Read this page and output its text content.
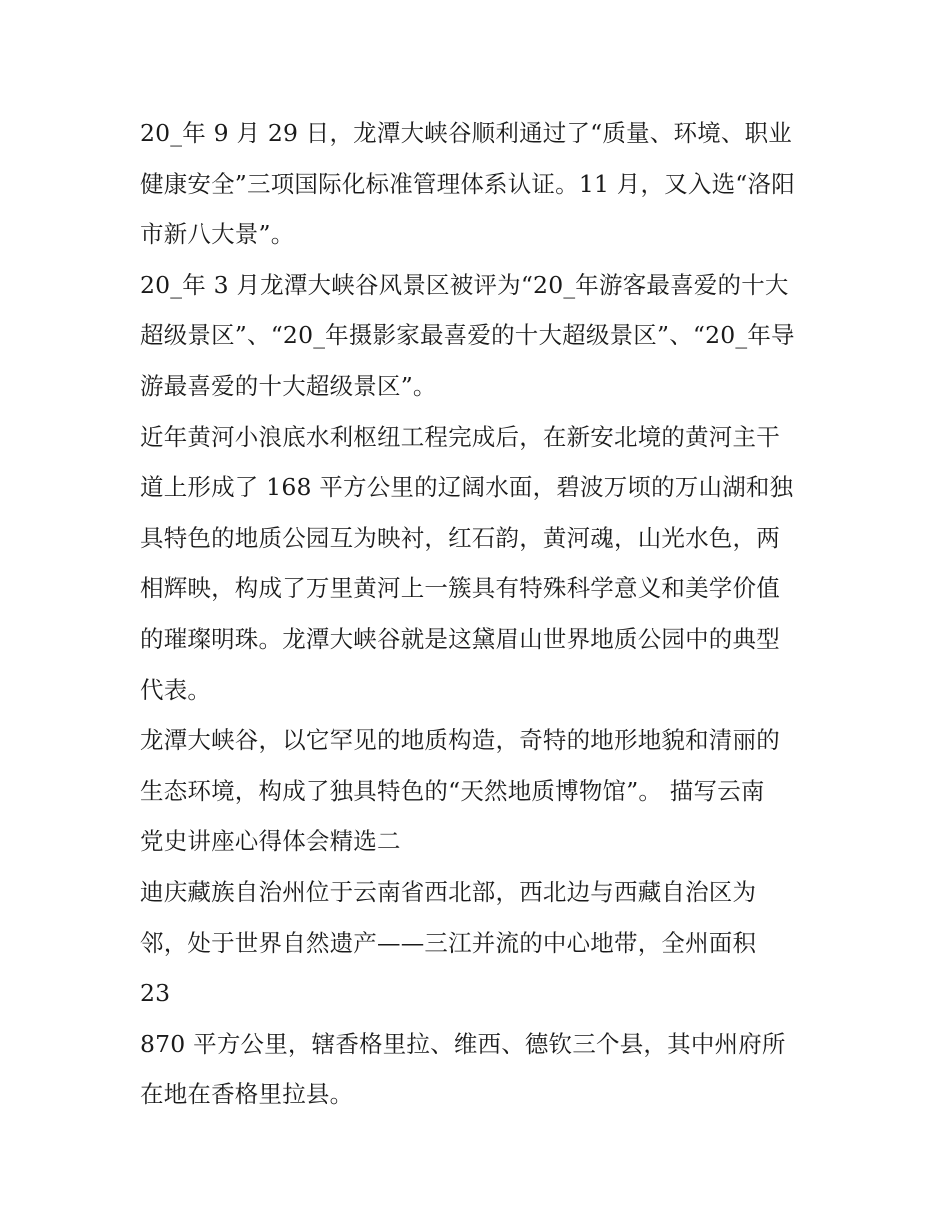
20_年 9 月 29 日，龙潭大峡谷顺利通过了“质量、环境、职业
健康安全”三项国际化标准管理体系认证。11 月，又入选“洛阳
市新八大景”。
20_年 3 月龙潭大峡谷风景区被评为“20_年游客最喜爱的十大
超级景区”、“20_年摄影家最喜爱的十大超级景区”、“20_年导
游最喜爱的十大超级景区”。
近年黄河小浪底水利枢纽工程完成后，在新安北境的黄河主干
道上形成了 168 平方公里的辽阔水面，碧波万顷的万山湖和独
具特色的地质公园互为映衬，红石韵，黄河魂，山光水色，两
相辉映，构成了万里黄河上一簇具有特殊科学意义和美学价值
的璀璨明珠。龙潭大峡谷就是这黛眉山世界地质公园中的典型
代表。
龙潭大峡谷，以它罕见的地质构造，奇特的地形地貌和清丽的
生态环境，构成了独具特色的“天然地质博物馆”。 描写云南
党史讲座心得体会精选二
迪庆藏族自治州位于云南省西北部，西北边与西藏自治区为
邻，处于世界自然遗产——三江并流的中心地带，全州面积
23
870 平方公里，辖香格里拉、维西、德钦三个县，其中州府所
在地在香格里拉县。
